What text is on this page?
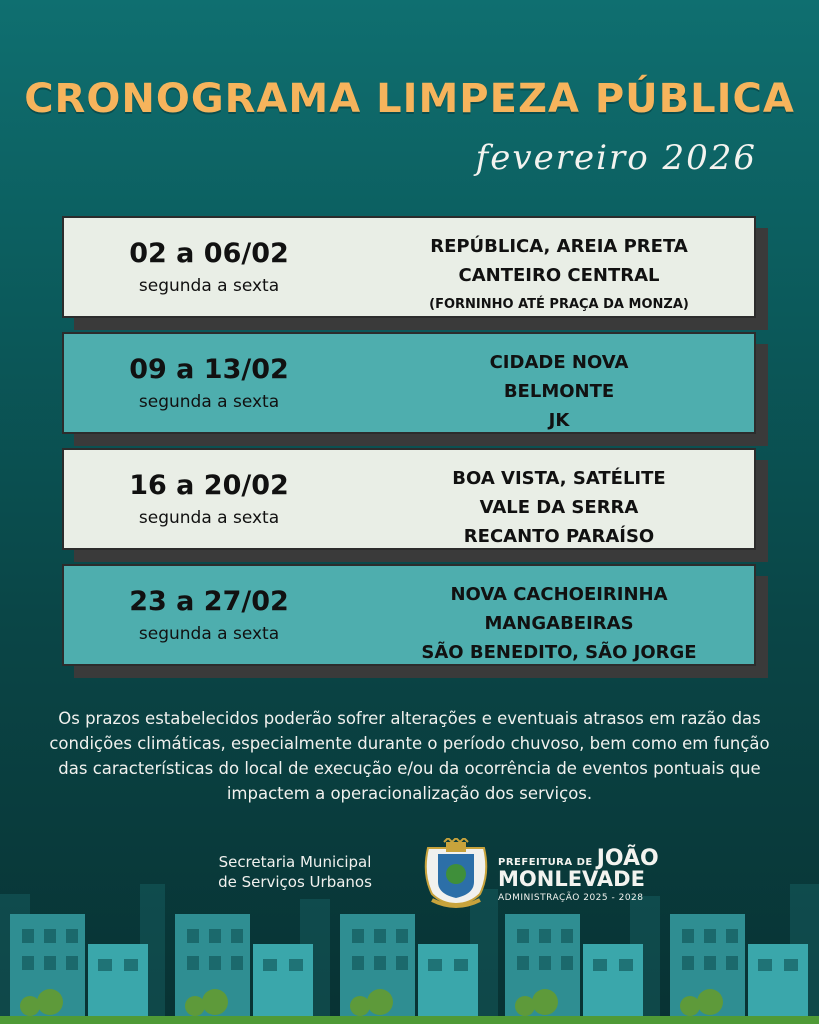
CRONOGRAMA LIMPEZA PÚBLICA
fevereiro 2026
02 a 06/02
segunda a sexta
REPÚBLICA, AREIA PRETA
CANTEIRO CENTRAL
(FORNINHO ATÉ PRAÇA DA MONZA)
09 a 13/02
segunda a sexta
CIDADE NOVA
BELMONTE
JK
16 a 20/02
segunda a sexta
BOA VISTA, SATÉLITE
VALE DA SERRA
RECANTO PARAÍSO
23 a 27/02
segunda a sexta
NOVA CACHOEIRINHA
MANGABEIRAS
SÃO BENEDITO, SÃO JORGE
Os prazos estabelecidos poderão sofrer alterações e eventuais atrasos em razão das condições climáticas, especialmente durante o período chuvoso, bem como em função das características do local de execução e/ou da ocorrência de eventos pontuais que impactem a operacionalização dos serviços.
Secretaria Municipal
de Serviços Urbanos
PREFEITURA DE JOÃO
MONLEVADE
ADMINISTRAÇÃO 2025 - 2028
